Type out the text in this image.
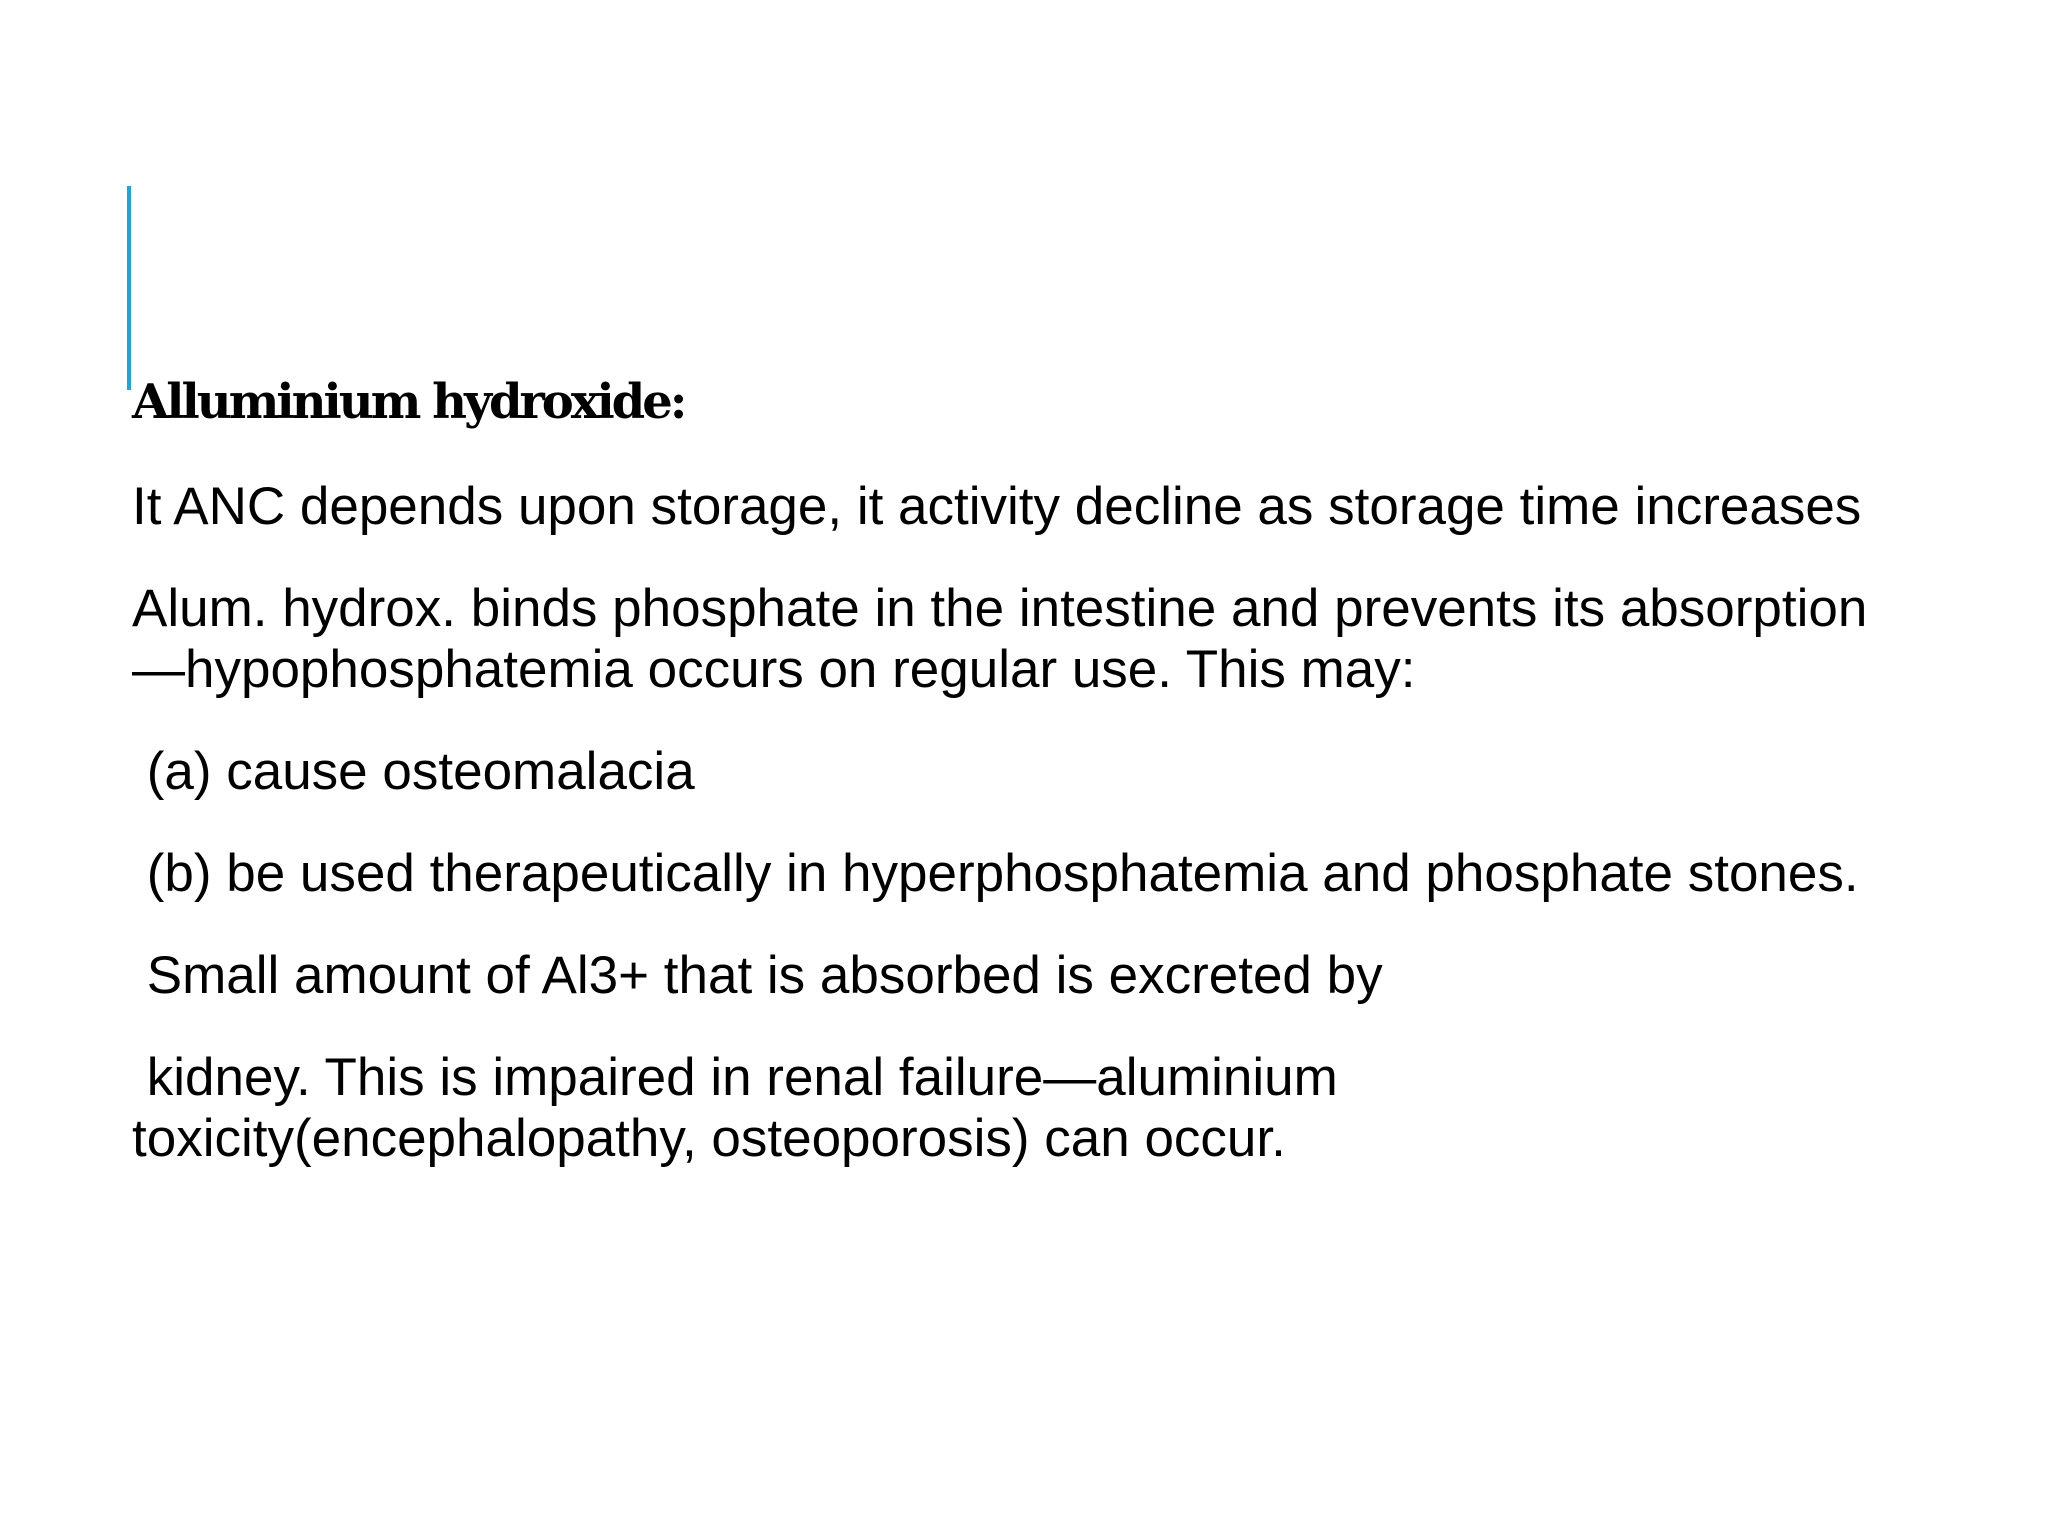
Alluminium hydroxide:

It ANC depends upon storage, it activity decline as storage time increases

Alum. hydrox. binds phosphate in the intestine and prevents its absorption—hypophosphatemia occurs on regular use. This may:

(a) cause osteomalacia

(b) be used therapeutically in hyperphosphatemia and phosphate stones.

Small amount of Al3+ that is absorbed is excreted by

kidney. This is impaired in renal failure—aluminium toxicity(encephalopathy, osteoporosis) can occur.
